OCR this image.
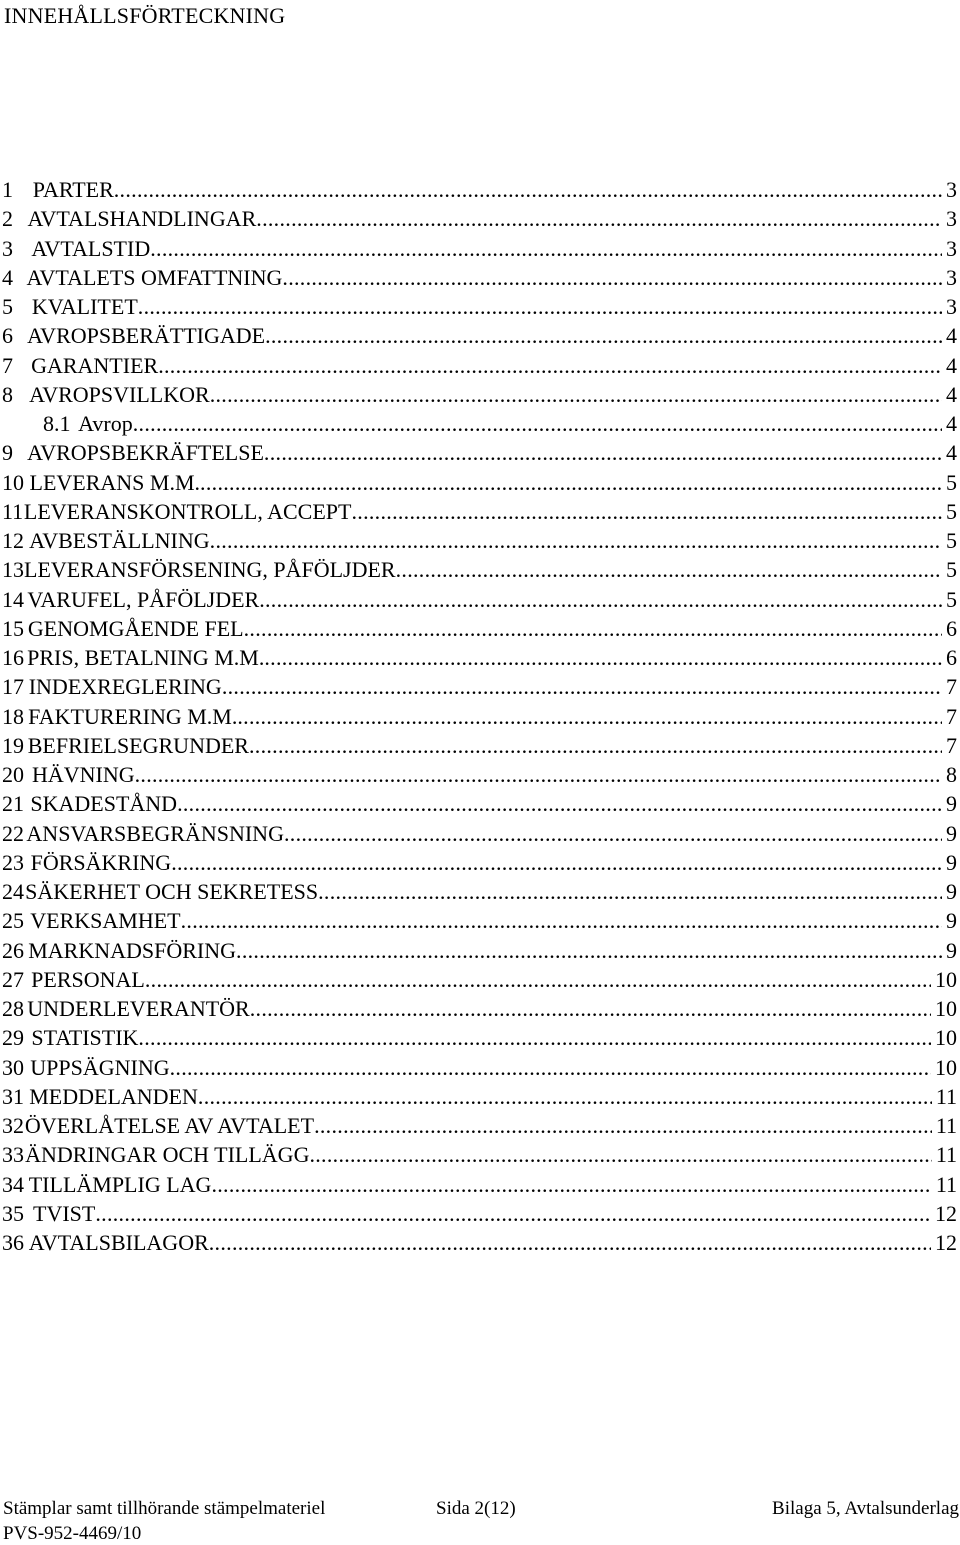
INNEHÅLLSFÖRTECKNING
1 PARTER . . .	3
2 AVTALSHANDLINGAR . . .	3
3 AVTALSTID . . .	3
4 AVTALETS OMFATTNING . . .	3
5 KVALITET . . .	3
6 AVROPSBERÄTTIGADE . . .	4
7 GARANTIER . . .	4
8 AVROPSVILLKOR . . .	4
8.1 Avrop . . .	4
9 AVROPSBEKRÄFTELSE . . .	4
10 LEVERANS M.M. . . .	5
11 LEVERANSKONTROLL, ACCEPT . . .	5
12 AVBESTÄLLNING . . .	5
13 LEVERANSFÖRSENING, PÅFÖLJDER . . .	5
14 VARUFEL, PÅFÖLJDER . . .	5
15 GENOMGÅENDE FEL . . .	6
16 PRIS, BETALNING M.M. . . .	6
17 INDEXREGLERING . . .	7
18 FAKTURERING M.M. . . .	7
19 BEFRIELSEGRUNDER . . .	7
20 HÄVNING . . .	8
21 SKADESTÅND . . .	9
22 ANSVARSBEGRÄNSNING . . .	9
23 FÖRSÄKRING . . .	9
24 SÄKERHET OCH SEKRETESS . . .	9
25 VERKSAMHET . . .	9
26 MARKNADSFÖRING . . .	9
27 PERSONAL . . .	10
28 UNDERLEVERANTÖR . . .	10
29 STATISTIK . . .	10
30 UPPSÄGNING . . .	10
31 MEDDELANDEN . . .	11
32 ÖVERLÅTELSE AV AVTALET . . .	11
33 ÄNDRINGAR OCH TILLÄGG . . .	11
34 TILLÄMPLIG LAG . . .	11
35 TVIST . . .	12
36 AVTALSBILAGOR . . .	12
Stämplar samt tillhörande stämpelmateriel	Sida 2(12)	Bilaga 5, Avtalsunderlag
PVS-952-4469/10
